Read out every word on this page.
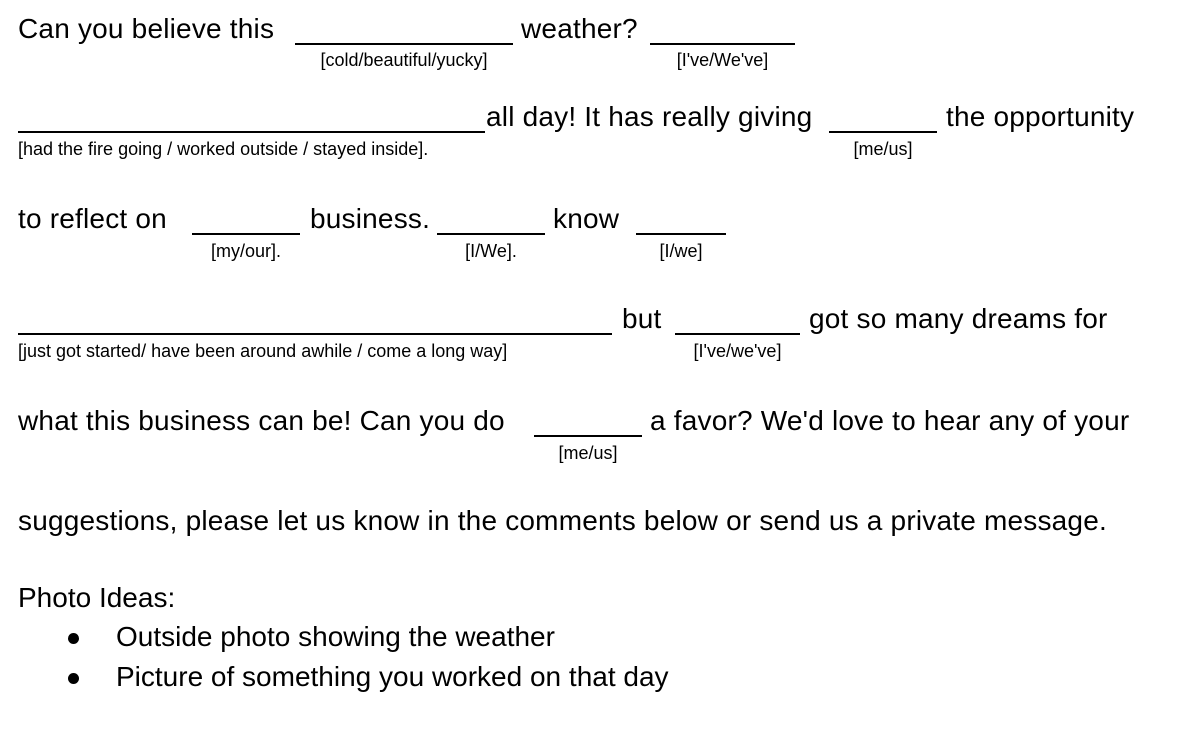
Can you believe this	weather?
[cold/beautiful/yucky]	[I've/We've]
all day! It has really giving	the opportunity
[had the fire going / worked outside / stayed inside].	[me/us]
to reflect on	business.	know
[my/our].	[I/We].	[I/we]
but	got so many dreams for
[just got started/ have been around awhile / come a long way]	[I've/we've]
what this business can be! Can you do	a favor? We'd love to hear any of your
[me/us]
suggestions, please let us know in the comments below or send us a private message.
Photo Ideas:
Outside photo showing the weather
Picture of something you worked on that day
